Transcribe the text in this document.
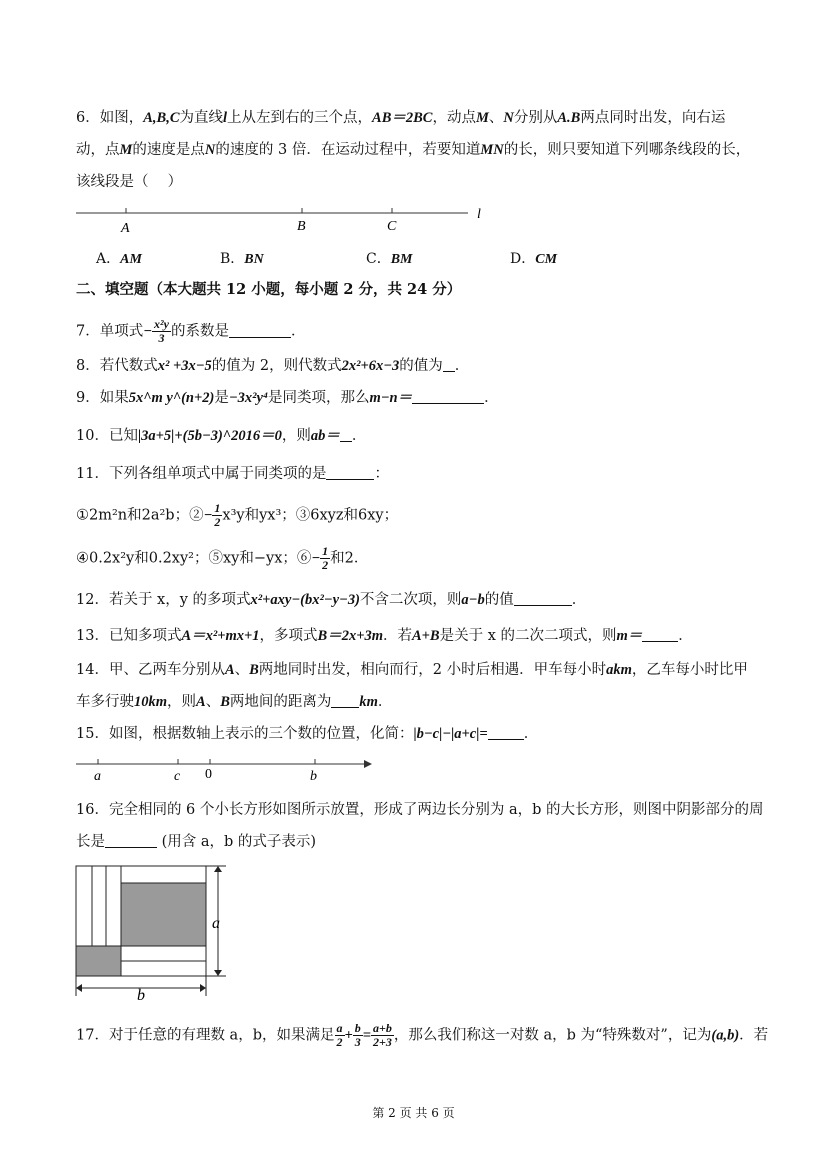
6．如图，A,B,C为直线l上从左到右的三个点，AB＝2BC，动点M、N分别从A.B两点同时出发，向右运
动，点M的速度是点N的速度的 3 倍．在运动过程中，若要知道MN的长，则只要知道下列哪条线段的长，
该线段是（　 ）
A	B	C
l
A．AM	B．BN	C．BM	D．CM
二、填空题（本大题共 12 小题，每小题 2 分，共 24 分）
7．单项式− $\frac{\text{x²y}}{3}$ 的系数是	．
8．若代数式x² +3x−5的值为 2，则代数式2x²+6x−3的值为 ．
9．如果5x^m y^(n+2)是−3x²y⁴是同类项，那么m−n＝	．
10．已知|3a+5|+(5b−3)^2016＝0，则ab＝ ．
11．下列各组单项式中属于同类项的是	：
①2m²n和2a²b；②− $\frac{1}{2} x^3y$和yx³；③6xyz和6xy；
④0.2x²y和0.2xy²；⑤xy和−yx；⑥− $\frac{1}{2}$ 和2．
12．若关于 x，y 的多项式x²+axy−(bx²−y−3)不含二次项，则a−b的值	．
13．已知多项式A＝x²+mx+1，多项式B＝2x+3m．若A+B是关于 x 的二次二项式，则m＝ ．
14．甲、乙两车分别从A、B两地同时出发，相向而行，2 小时后相遇．甲车每小时akm，乙车每小时比甲
车多行驶10km，则A、B两地间的距离为 km．
15．如图，根据数轴上表示的三个数的位置，化简：|b−c|−|a+c|= ．
a	c 0	b
16．完全相同的 6 个小长方形如图所示放置，形成了两边长分别为 a，b 的大长方形，则图中阴影部分的周
长是	(用含 a，b 的式子表示)
a
b
17．对于任意的有理数 a，b，如果满足 $\frac{a}{2} + \frac{b}{3} = \frac{a+b}{2+3}$ ，那么我们称这一对数 a，b 为“特殊数对”，记为(a,b)．若
第 2 页 共 6 页
